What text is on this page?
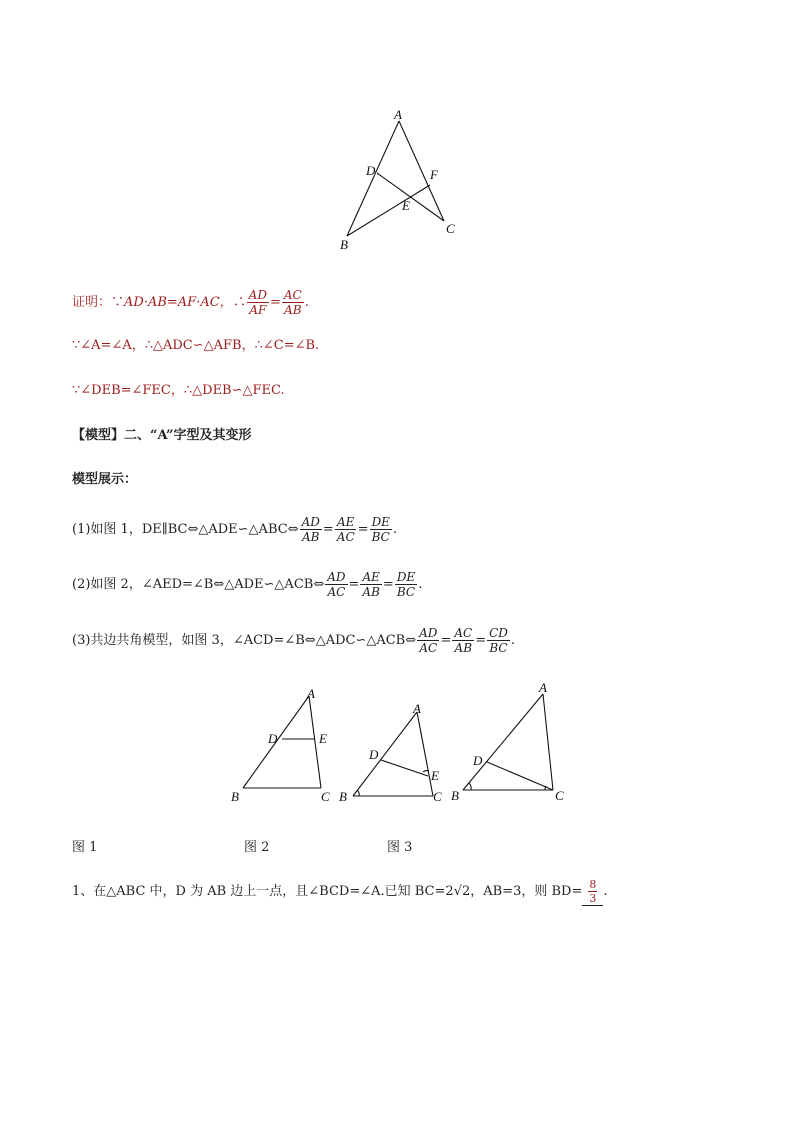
A
D	F
E
B
C
证明：∵ AD·AB=AF·AC，∴ $\frac{AD}{AF} = \frac{AC}{AB}$ .
∵∠A=∠A，∴△ADC∽△AFB，∴∠C=∠B.
∵∠DEB=∠FEC，∴△DEB∽△FEC.
【模型】二、“A”字型及其变形
模型展示：
(1)如图 1，DE∥BC⇔△ADE∽△ABC⇔ $\frac{AD}{AB} = \frac{AE}{AC} = \frac{DE}{BC}$ .
(2)如图 2，∠AED=∠B⇔△ADE∽△ACB⇔ $\frac{AD}{AC} = \frac{AE}{AB} = \frac{DE}{BC}$ .
(3)共边共角模型，如图 3，∠ACD=∠B⇔△ADC∽△ACB⇔ $\frac{AD}{AC} = \frac{AC}{AB} = \frac{CD}{BC}$ .
A
D	E
B	C
A
D
E
B	C
A
D
B	C
图 1	图 2	图 3
1、在△ABC 中，D 为 AB 边上一点，且∠BCD=∠A.已知 BC=2√2，AB=3，则 $BD= \frac{8}{3}$ .
